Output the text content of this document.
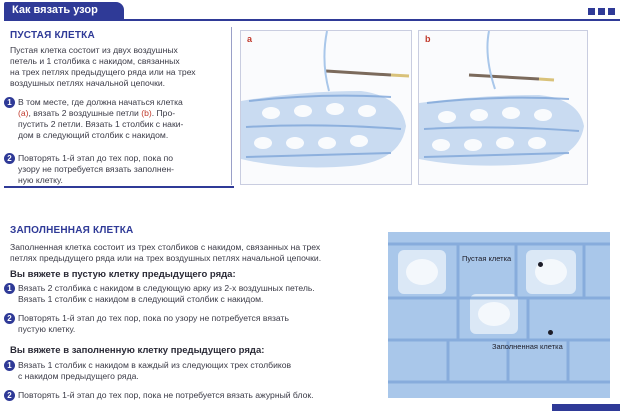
Как вязать узор
ПУСТАЯ КЛЕТКА
Пустая клетка состоит из двух воздушных
петель и 1 столбика с накидом, связанных
на трех петлях предыдущего ряда или на трех
воздушных петлях начальной цепочки.
1 В том месте, где должна начаться клетка
(a), вязать 2 воздушные петли (b). Про-
пустить 2 петли. Вязать 1 столбик с наки-
дом в следующий столбик с накидом.
2 Повторять 1-й этап до тех пор, пока по
узору не потребуется вязать заполнен-
ную клетку.
a	b
ЗАПОЛНЕННАЯ КЛЕТКА
Заполненная клетка состоит из трех столбиков с накидом, связанных на трех
петлях предыдущего ряда или на трех воздушных петлях начальной цепочки.
Вы вяжете в пустую клетку предыдущего ряда:
1 Вязать 2 столбика с накидом в следующую арку из 2-х воздушных петель.
Вязать 1 столбик с накидом в следующий столбик с накидом.
2 Повторять 1-й этап до тех пор, пока по узору не потребуется вязать
пустую клетку.
Вы вяжете в заполненную клетку предыдущего ряда:
1 Вязать 1 столбик с накидом в каждый из следующих трех столбиков
с накидом предыдущего ряда.
2 Повторять 1-й этап до тех пор, пока не потребуется вязать ажурный блок.
Пустая клетка
Заполненная клетка
